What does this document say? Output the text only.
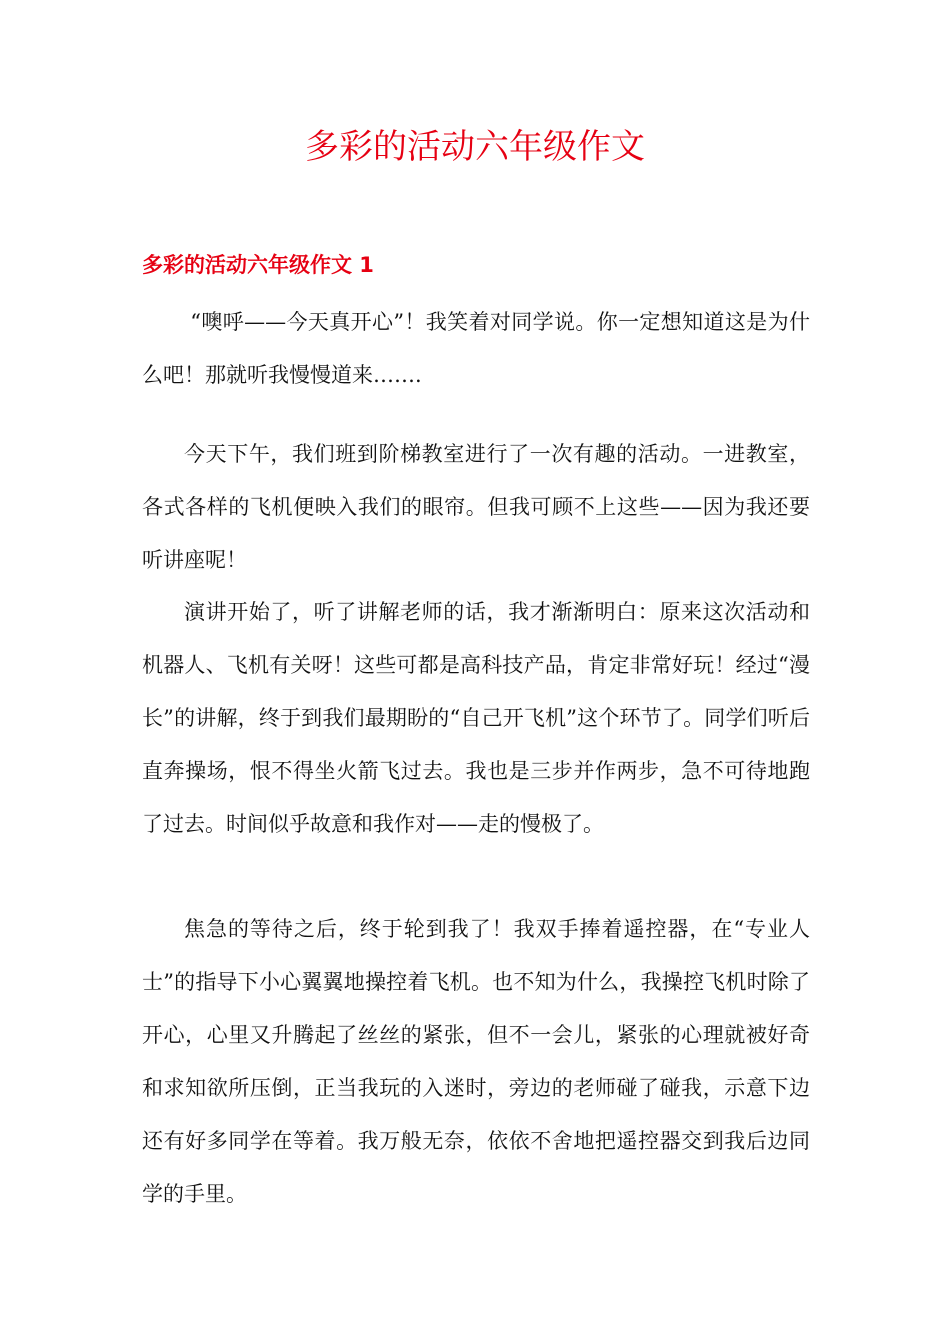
多彩的活动六年级作文
多彩的活动六年级作文 1

“噢呼——今天真开心”！我笑着对同学说。你一定想知道这是为什么吧！那就听我慢慢道来…….

今天下午，我们班到阶梯教室进行了一次有趣的活动。一进教室，各式各样的飞机便映入我们的眼帘。但我可顾不上这些——因为我还要听讲座呢！

演讲开始了，听了讲解老师的话，我才渐渐明白：原来这次活动和机器人、飞机有关呀！这些可都是高科技产品，肯定非常好玩！经过“漫长”的讲解，终于到我们最期盼的“自己开飞机”这个环节了。同学们听后直奔操场，恨不得坐火箭飞过去。我也是三步并作两步，急不可待地跑了过去。时间似乎故意和我作对——走的慢极了。

焦急的等待之后，终于轮到我了！我双手捧着遥控器，在“专业人士”的指导下小心翼翼地操控着飞机。也不知为什么，我操控飞机时除了开心，心里又升腾起了丝丝的紧张，但不一会儿，紧张的心理就被好奇和求知欲所压倒，正当我玩的入迷时，旁边的老师碰了碰我，示意下边还有好多同学在等着。我万般无奈，依依不舍地把遥控器交到我后边同学的手里。
